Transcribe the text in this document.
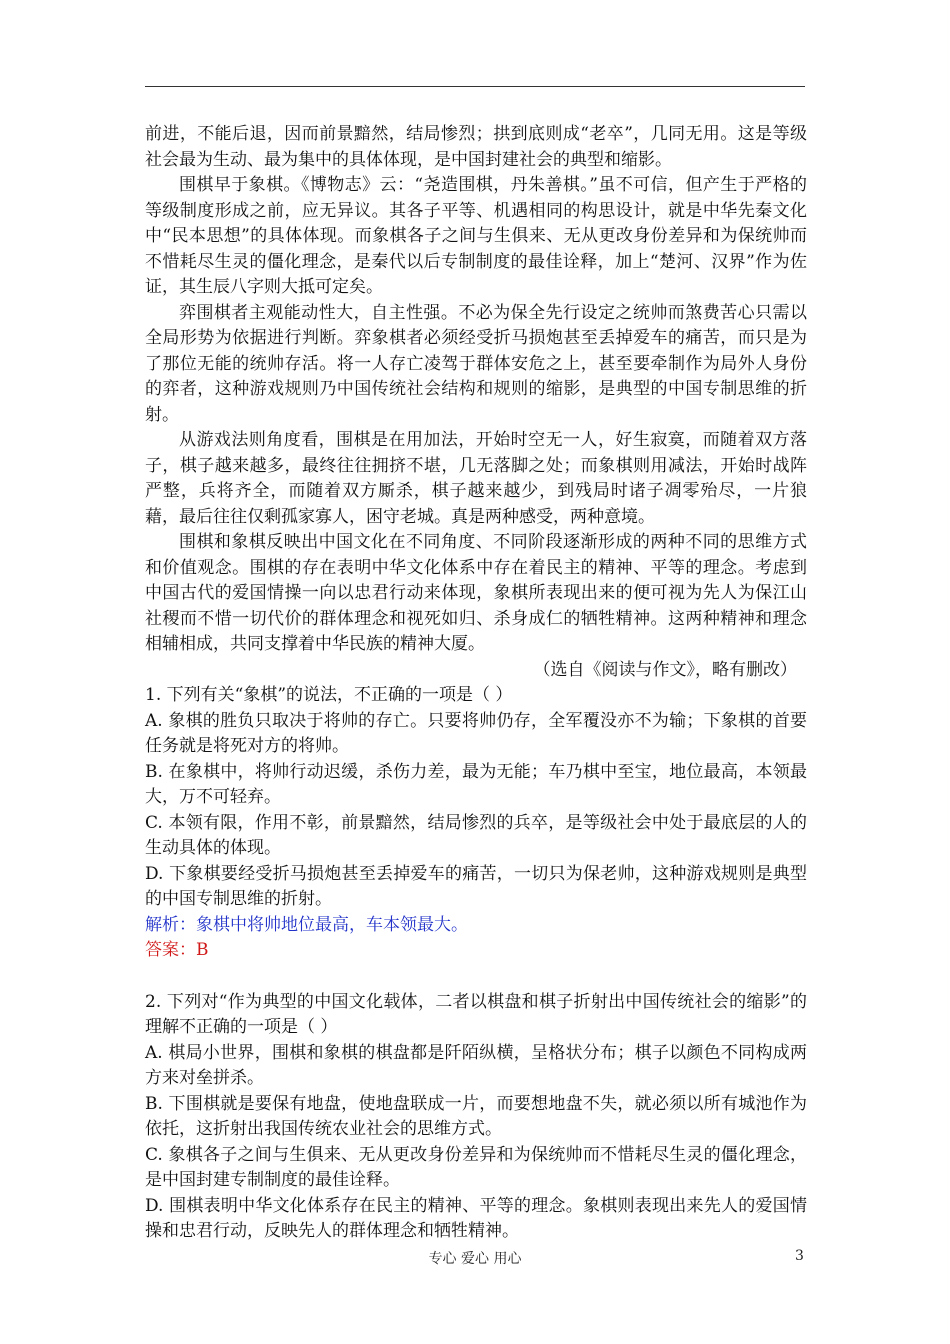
前进，不能后退，因而前景黯然，结局惨烈；拱到底则成“老卒”，几同无用。这是等级社会最为生动、最为集中的具体体现，是中国封建社会的典型和缩影。

围棋早于象棋。《博物志》云：“尧造围棋，丹朱善棋。”虽不可信，但产生于严格的等级制度形成之前，应无异议。其各子平等、机遇相同的构思设计，就是中华先秦文化中“民本思想”的具体体现。而象棋各子之间与生俱来、无从更改身份差异和为保统帅而不惜耗尽生灵的僵化理念，是秦代以后专制制度的最佳诠释，加上“楚河、汉界”作为佐证，其生辰八字则大抵可定矣。

弈围棋者主观能动性大，自主性强。不必为保全先行设定之统帅而煞费苦心只需以全局形势为依据进行判断。弈象棋者必须经受折马损炮甚至丢掉爱车的痛苦，而只是为了那位无能的统帅存活。将一人存亡凌驾于群体安危之上，甚至要牵制作为局外人身份的弈者，这种游戏规则乃中国传统社会结构和规则的缩影，是典型的中国专制思维的折射。

从游戏法则角度看，围棋是在用加法，开始时空无一人，好生寂寞，而随着双方落子，棋子越来越多，最终往往拥挤不堪，几无落脚之处；而象棋则用减法，开始时战阵严整，兵将齐全，而随着双方厮杀，棋子越来越少，到残局时诸子凋零殆尽，一片狼藉，最后往往仅剩孤家寡人，困守老城。真是两种感受，两种意境。

围棋和象棋反映出中国文化在不同角度、不同阶段逐渐形成的两种不同的思维方式和价值观念。围棋的存在表明中华文化体系中存在着民主的精神、平等的理念。考虑到中国古代的爱国情操一向以忠君行动来体现，象棋所表现出来的便可视为先人为保江山社稷而不惜一切代价的群体理念和视死如归、杀身成仁的牺牲精神。这两种精神和理念相辅相成，共同支撑着中华民族的精神大厦。

（选自《阅读与作文》，略有删改）

1. 下列有关“象棋”的说法，不正确的一项是（ ）

A. 象棋的胜负只取决于将帅的存亡。只要将帅仍存，全军覆没亦不为输；下象棋的首要任务就是将死对方的将帅。

B. 在象棋中，将帅行动迟缓，杀伤力差，最为无能；车乃棋中至宝，地位最高，本领最大，万不可轻弃。

C. 本领有限，作用不彰，前景黯然，结局惨烈的兵卒，是等级社会中处于最底层的人的生动具体的体现。

D. 下象棋要经受折马损炮甚至丢掉爱车的痛苦，一切只为保老帅，这种游戏规则是典型的中国专制思维的折射。

解析：象棋中将帅地位最高，车本领最大。

答案：B

2. 下列对“作为典型的中国文化载体，二者以棋盘和棋子折射出中国传统社会的缩影”的理解不正确的一项是（ ）

A. 棋局小世界，围棋和象棋的棋盘都是阡陌纵横，呈格状分布；棋子以颜色不同构成两方来对垒拼杀。

B. 下围棋就是要保有地盘，使地盘联成一片，而要想地盘不失，就必须以所有城池作为依托，这折射出我国传统农业社会的思维方式。

C. 象棋各子之间与生俱来、无从更改身份差异和为保统帅而不惜耗尽生灵的僵化理念，是中国封建专制制度的最佳诠释。

D. 围棋表明中华文化体系存在民主的精神、平等的理念。象棋则表现出来先人的爱国情操和忠君行动，反映先人的群体理念和牺牲精神。

专心 爱心 用心	3
